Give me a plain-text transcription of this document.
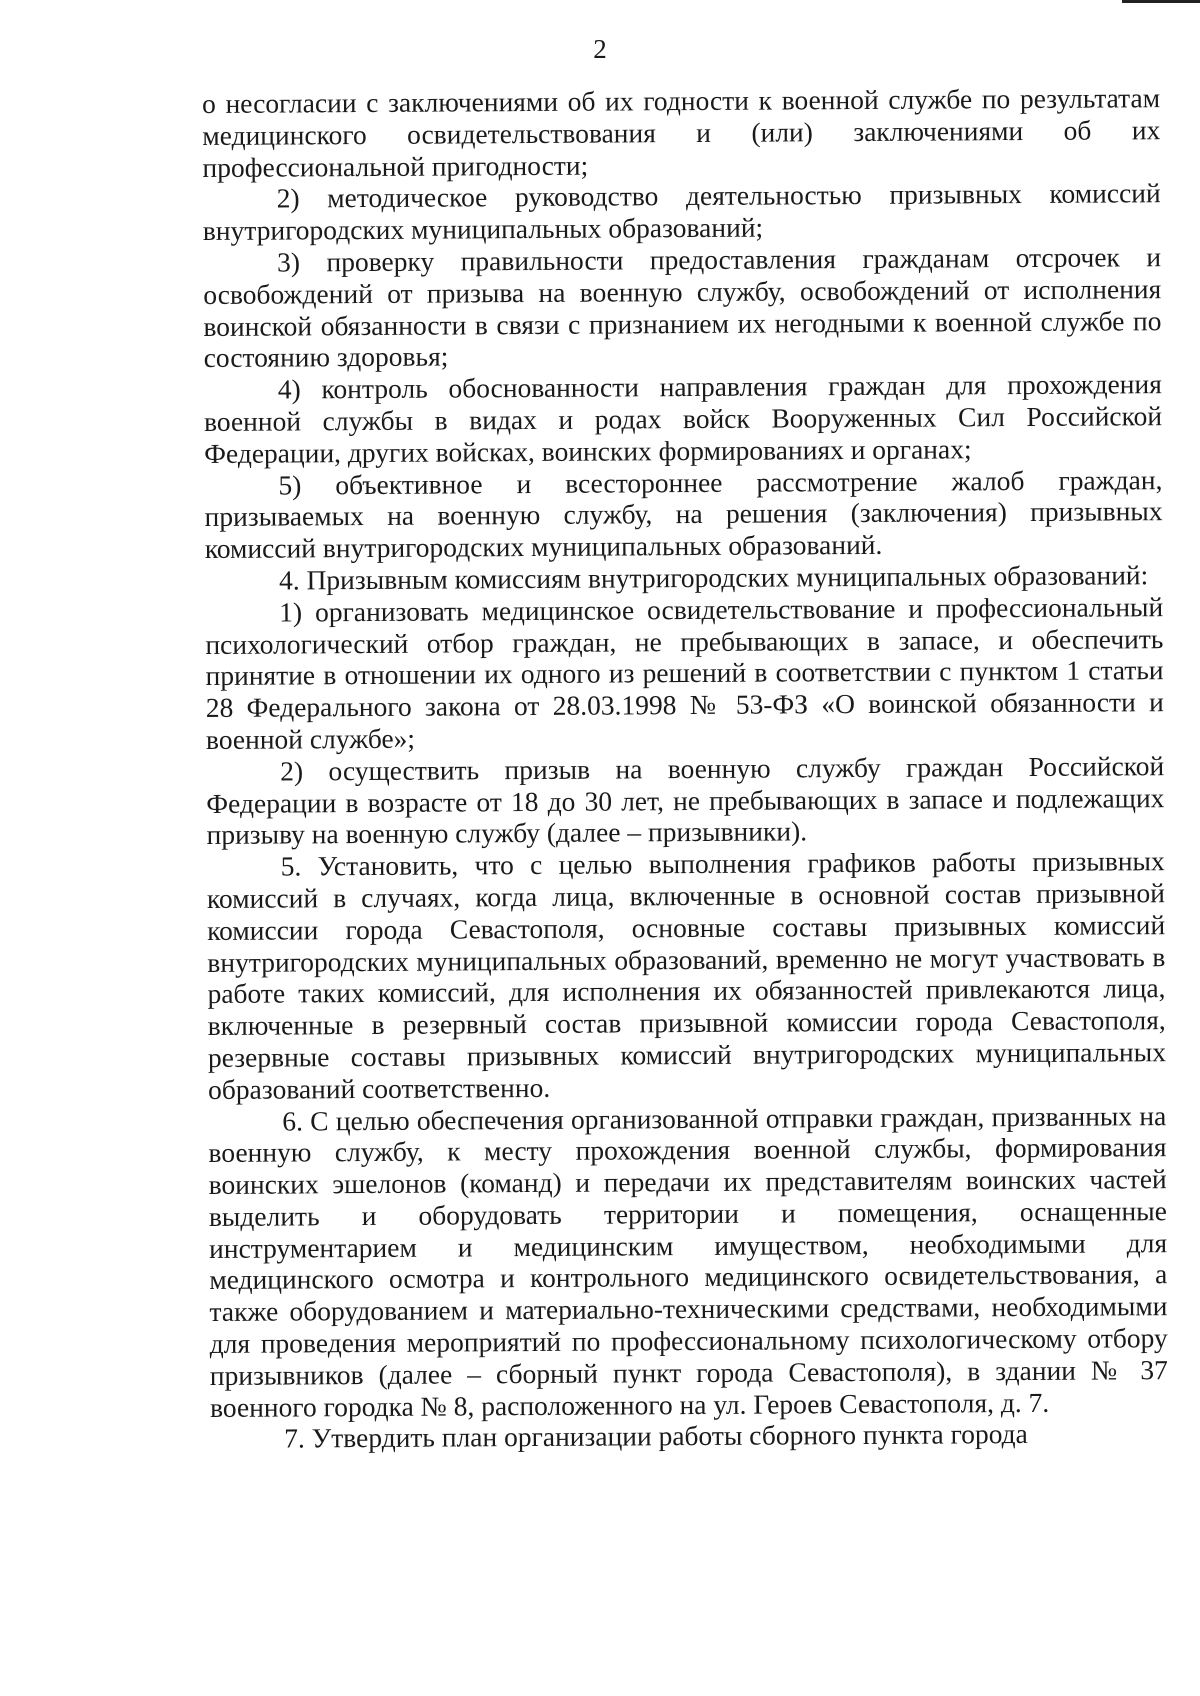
2

о несогласии с заключениями об их годности к военной службе по результатам медицинского освидетельствования и (или) заключениями об их профессиональной пригодности;

2) методическое руководство деятельностью призывных комиссий внутригородских муниципальных образований;

3) проверку правильности предоставления гражданам отсрочек и освобождений от призыва на военную службу, освобождений от исполнения воинской обязанности в связи с признанием их негодными к военной службе по состоянию здоровья;

4) контроль обоснованности направления граждан для прохождения военной службы в видах и родах войск Вооруженных Сил Российской Федерации, других войсках, воинских формированиях и органах;

5) объективное и всестороннее рассмотрение жалоб граждан, призываемых на военную службу, на решения (заключения) призывных комиссий внутригородских муниципальных образований.

4. Призывным комиссиям внутригородских муниципальных образований:

1) организовать медицинское освидетельствование и профессиональный психологический отбор граждан, не пребывающих в запасе, и обеспечить принятие в отношении их одного из решений в соответствии с пунктом 1 статьи 28 Федерального закона от 28.03.1998 № 53-ФЗ «О воинской обязанности и военной службе»;

2) осуществить призыв на военную службу граждан Российской Федерации в возрасте от 18 до 30 лет, не пребывающих в запасе и подлежащих призыву на военную службу (далее – призывники).

5. Установить, что с целью выполнения графиков работы призывных комиссий в случаях, когда лица, включенные в основной состав призывной комиссии города Севастополя, основные составы призывных комиссий внутригородских муниципальных образований, временно не могут участвовать в работе таких комиссий, для исполнения их обязанностей привлекаются лица, включенные в резервный состав призывной комиссии города Севастополя, резервные составы призывных комиссий внутригородских муниципальных образований соответственно.

6. С целью обеспечения организованной отправки граждан, призванных на военную службу, к месту прохождения военной службы, формирования воинских эшелонов (команд) и передачи их представителям воинских частей выделить и оборудовать территории и помещения, оснащенные инструментарием и медицинским имуществом, необходимыми для медицинского осмотра и контрольного медицинского освидетельствования, а также оборудованием и материально-техническими средствами, необходимыми для проведения мероприятий по профессиональному психологическому отбору призывников (далее – сборный пункт города Севастополя), в здании № 37 военного городка № 8, расположенного на ул. Героев Севастополя, д. 7.

7. Утвердить план организации работы сборного пункта города
